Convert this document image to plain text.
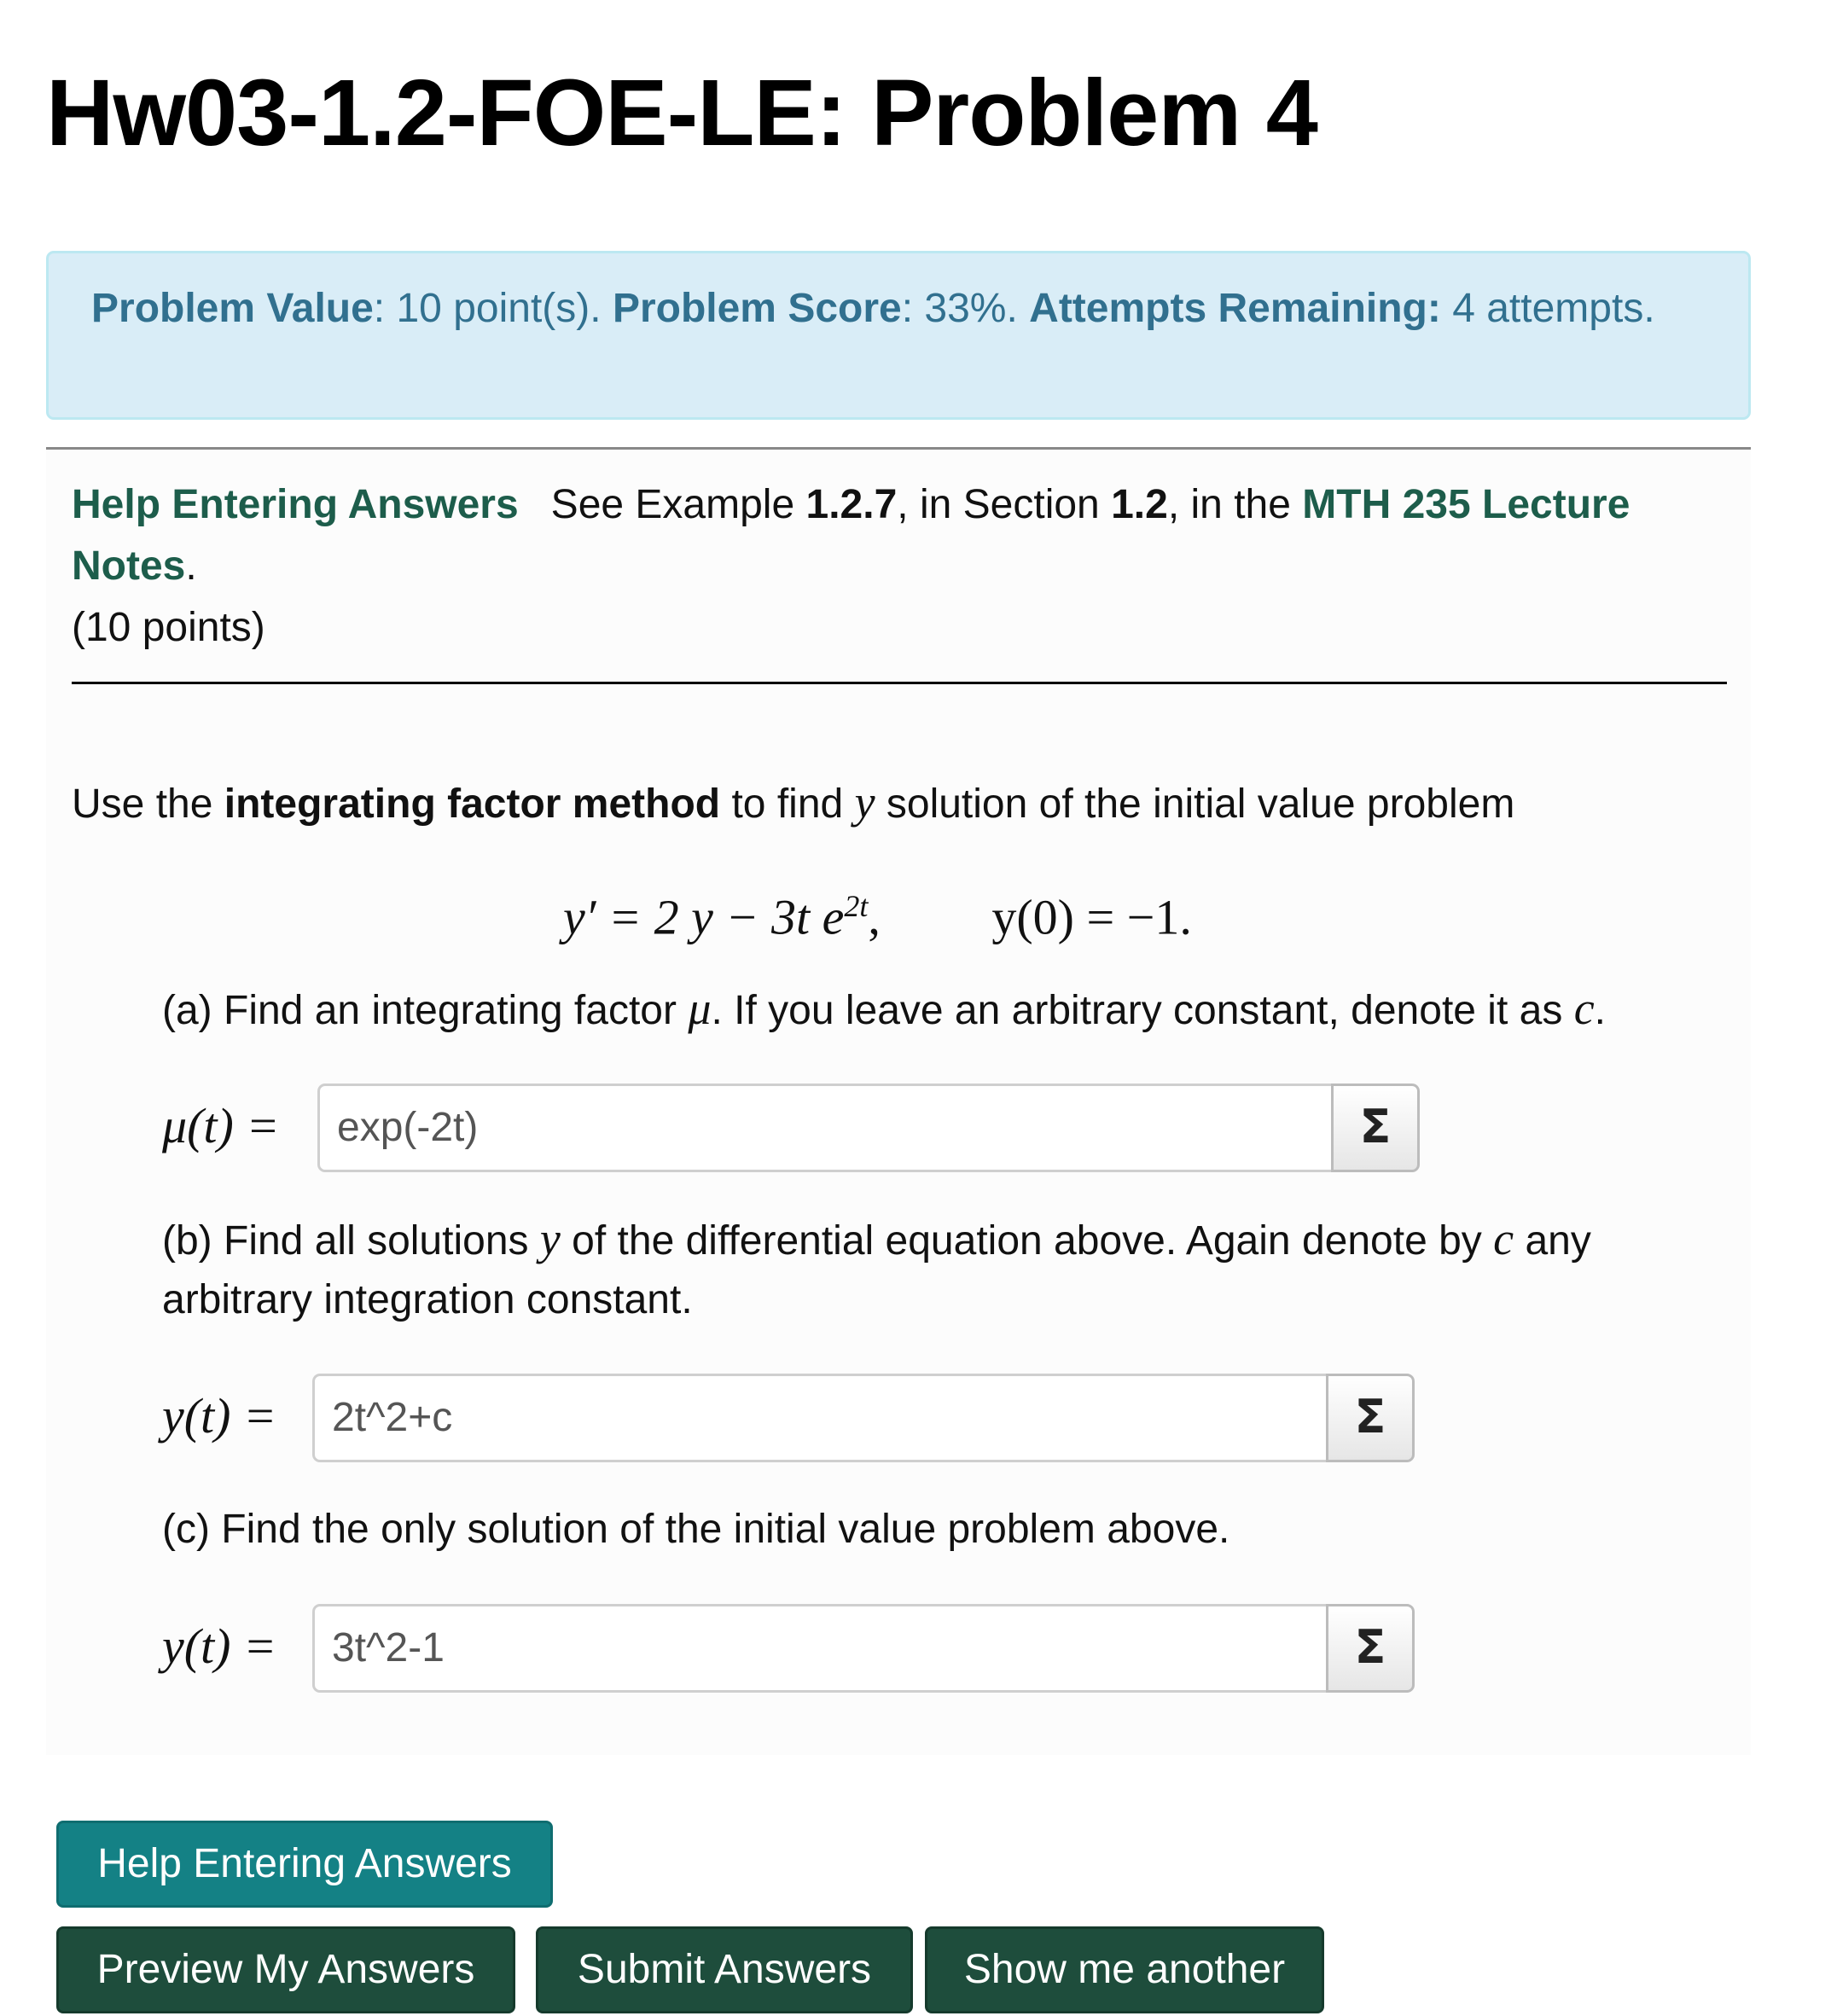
Hw03-1.2-FOE-LE: Problem 4
Problem Value: 10 point(s). Problem Score: 33%. Attempts Remaining: 4 attempts.
Help Entering Answers See Example 1.2.7, in Section 1.2, in the MTH 235 Lecture Notes.
(10 points)
Use the integrating factor method to find y solution of the initial value problem
y′ = 2 y − 3t $e^{2t}$,         y(0) = −1.
(a) Find an integrating factor μ. If you leave an arbitrary constant, denote it as c.
μ(t) =	exp(-2t)	Σ
(b) Find all solutions y of the differential equation above. Again denote by c any arbitrary integration constant.
y(t) =	2t^2+c	Σ
(c) Find the only solution of the initial value problem above.
y(t) =	3t^2-1	Σ
Help Entering Answers
Preview My Answers	Submit Answers	Show me another
